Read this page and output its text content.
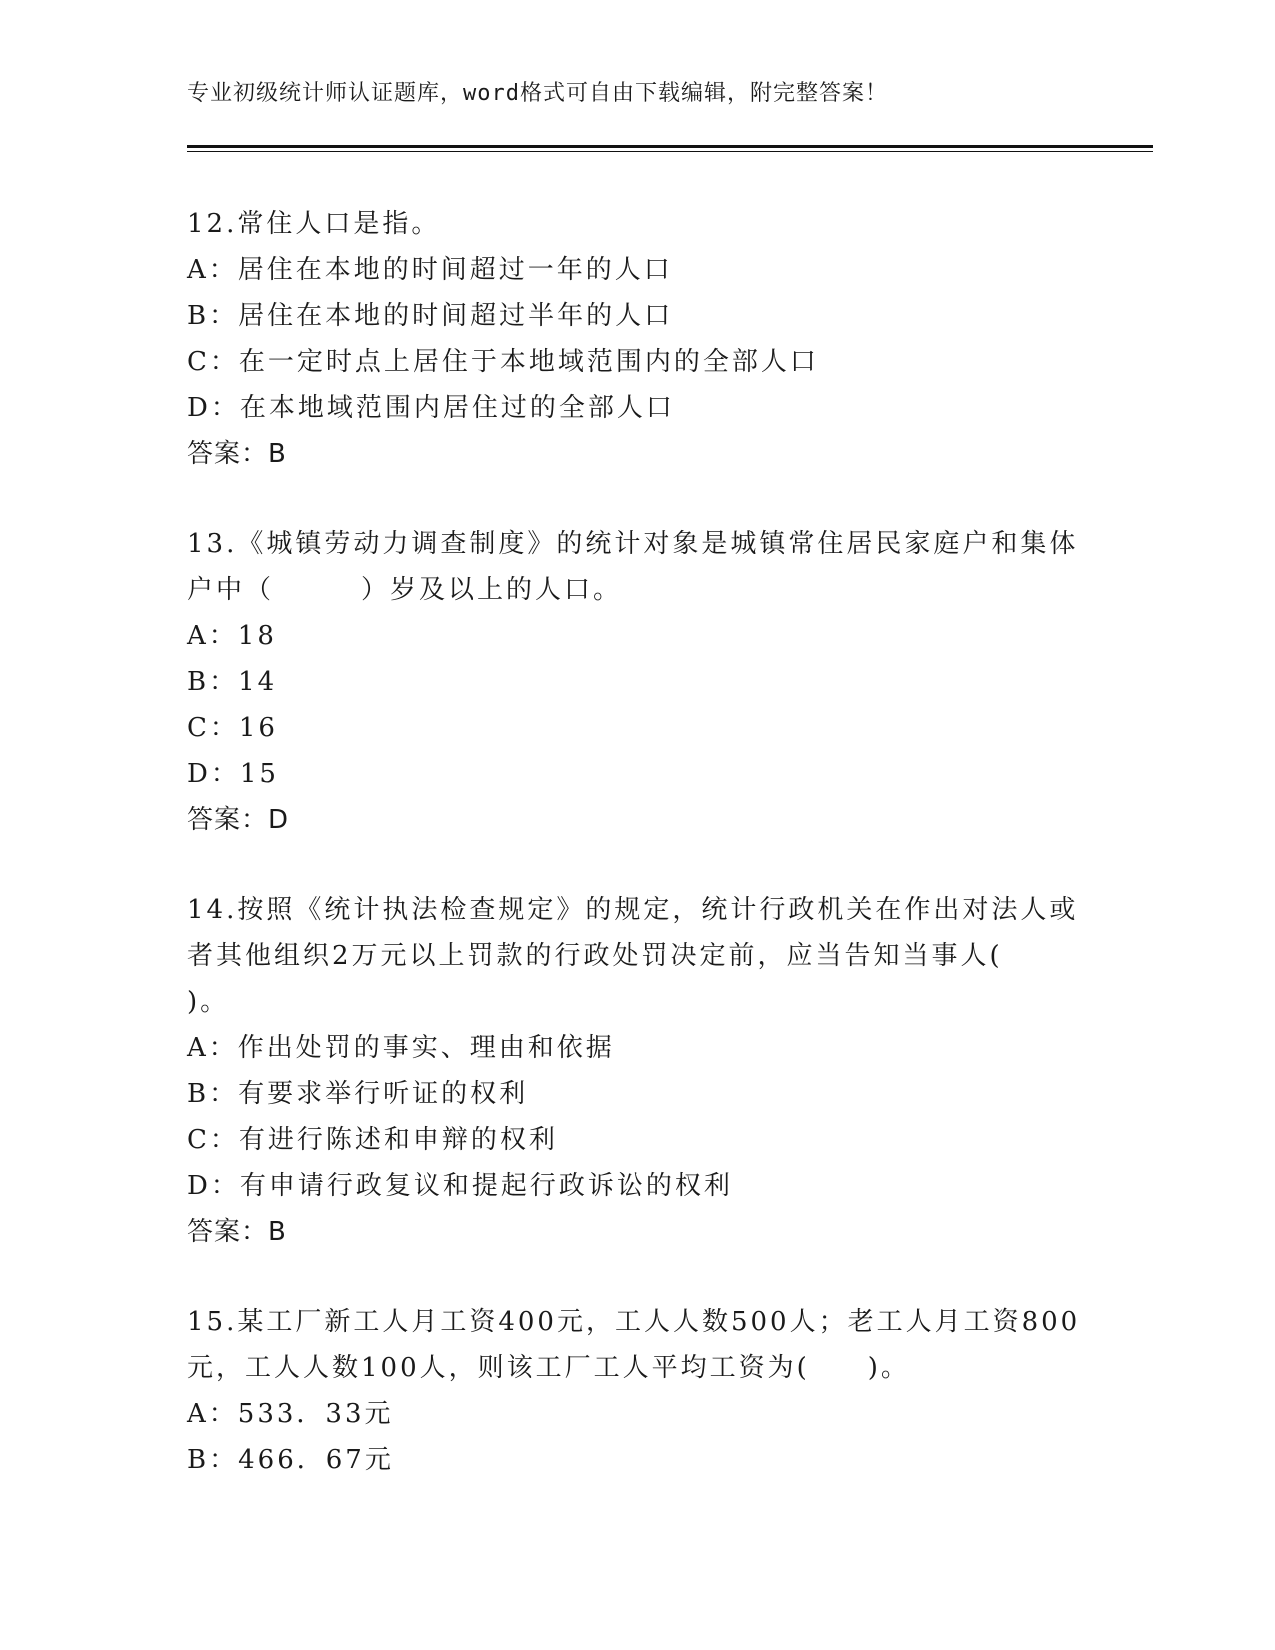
专业初级统计师认证题库，word格式可自由下载编辑，附完整答案！
12.常住人口是指。
A：居住在本地的时间超过一年的人口
B：居住在本地的时间超过半年的人口
C：在一定时点上居住于本地域范围内的全部人口
D：在本地域范围内居住过的全部人口
答案：B
13.《城镇劳动力调查制度》的统计对象是城镇常住居民家庭户和集体
户中（　　　）岁及以上的人口。
A：18
B：14
C：16
D：15
答案：D
14.按照《统计执法检查规定》的规定，统计行政机关在作出对法人或
者其他组织2万元以上罚款的行政处罚决定前，应当告知当事人(
)。
A：作出处罚的事实、理由和依据
B：有要求举行听证的权利
C：有进行陈述和申辩的权利
D：有申请行政复议和提起行政诉讼的权利
答案：B
15.某工厂新工人月工资400元，工人人数500人；老工人月工资800
元，工人人数100人，则该工厂工人平均工资为(　　)。
A：533．33元
B：466．67元
